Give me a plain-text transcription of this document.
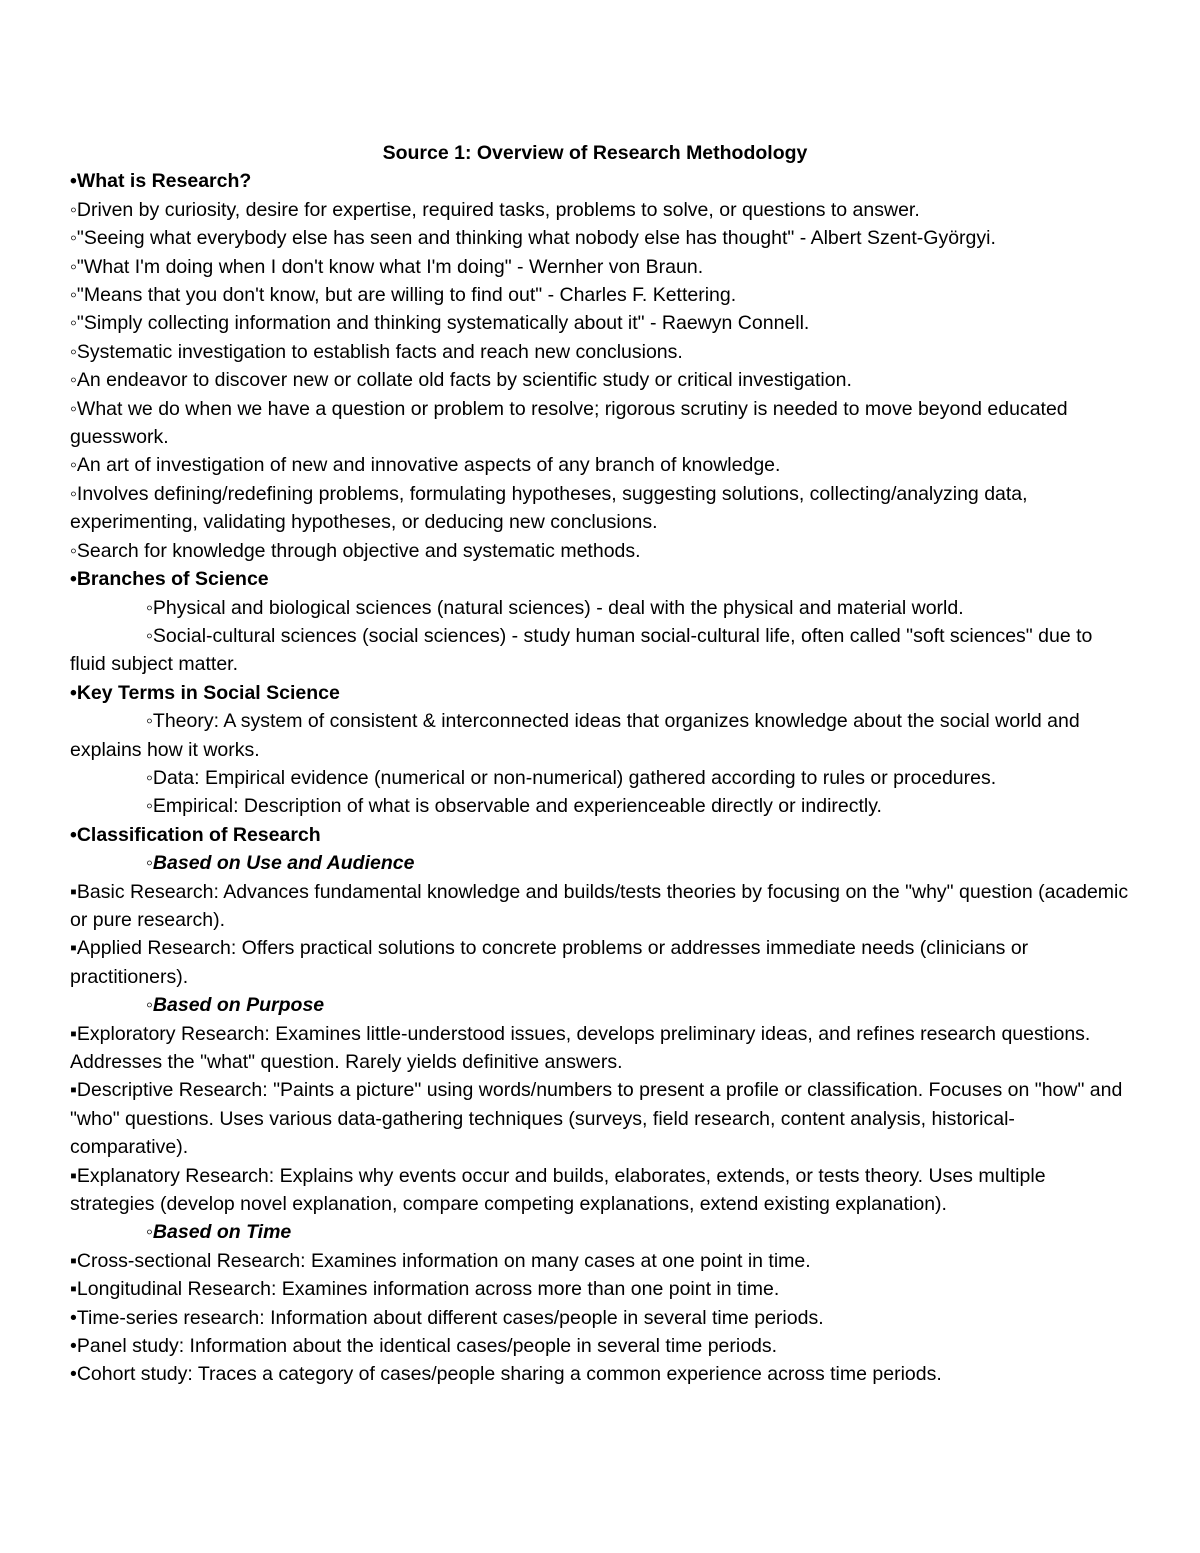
Source 1: Overview of Research Methodology

•What is Research?

◦Driven by curiosity, desire for expertise, required tasks, problems to solve, or questions to answer.

◦"Seeing what everybody else has seen and thinking what nobody else has thought" - Albert Szent-Györgyi.

◦"What I'm doing when I don't know what I'm doing" - Wernher von Braun.

◦"Means that you don't know, but are willing to find out" - Charles F. Kettering.

◦"Simply collecting information and thinking systematically about it" - Raewyn Connell.

◦Systematic investigation to establish facts and reach new conclusions.

◦An endeavor to discover new or collate old facts by scientific study or critical investigation.

◦What we do when we have a question or problem to resolve; rigorous scrutiny is needed to move beyond educated guesswork.

◦An art of investigation of new and innovative aspects of any branch of knowledge.

◦Involves defining/redefining problems, formulating hypotheses, suggesting solutions, collecting/analyzing data, experimenting, validating hypotheses, or deducing new conclusions.

◦Search for knowledge through objective and systematic methods.

•Branches of Science

◦Physical and biological sciences (natural sciences) - deal with the physical and material world.

◦Social-cultural sciences (social sciences) - study human social-cultural life, often called "soft sciences" due to fluid subject matter.

•Key Terms in Social Science

◦Theory: A system of consistent & interconnected ideas that organizes knowledge about the social world and explains how it works.

◦Data: Empirical evidence (numerical or non-numerical) gathered according to rules or procedures.

◦Empirical: Description of what is observable and experienceable directly or indirectly.

•Classification of Research

◦Based on Use and Audience

▪Basic Research: Advances fundamental knowledge and builds/tests theories by focusing on the "why" question (academic or pure research).

▪Applied Research: Offers practical solutions to concrete problems or addresses immediate needs (clinicians or practitioners).

◦Based on Purpose

▪Exploratory Research: Examines little-understood issues, develops preliminary ideas, and refines research questions. Addresses the "what" question. Rarely yields definitive answers.

▪Descriptive Research: "Paints a picture" using words/numbers to present a profile or classification. Focuses on "how" and "who" questions. Uses various data-gathering techniques (surveys, field research, content analysis, historical-comparative).

▪Explanatory Research: Explains why events occur and builds, elaborates, extends, or tests theory. Uses multiple strategies (develop novel explanation, compare competing explanations, extend existing explanation).

◦Based on Time

▪Cross-sectional Research: Examines information on many cases at one point in time.

▪Longitudinal Research: Examines information across more than one point in time.

•Time-series research: Information about different cases/people in several time periods.

•Panel study: Information about the identical cases/people in several time periods.

•Cohort study: Traces a category of cases/people sharing a common experience across time periods.
